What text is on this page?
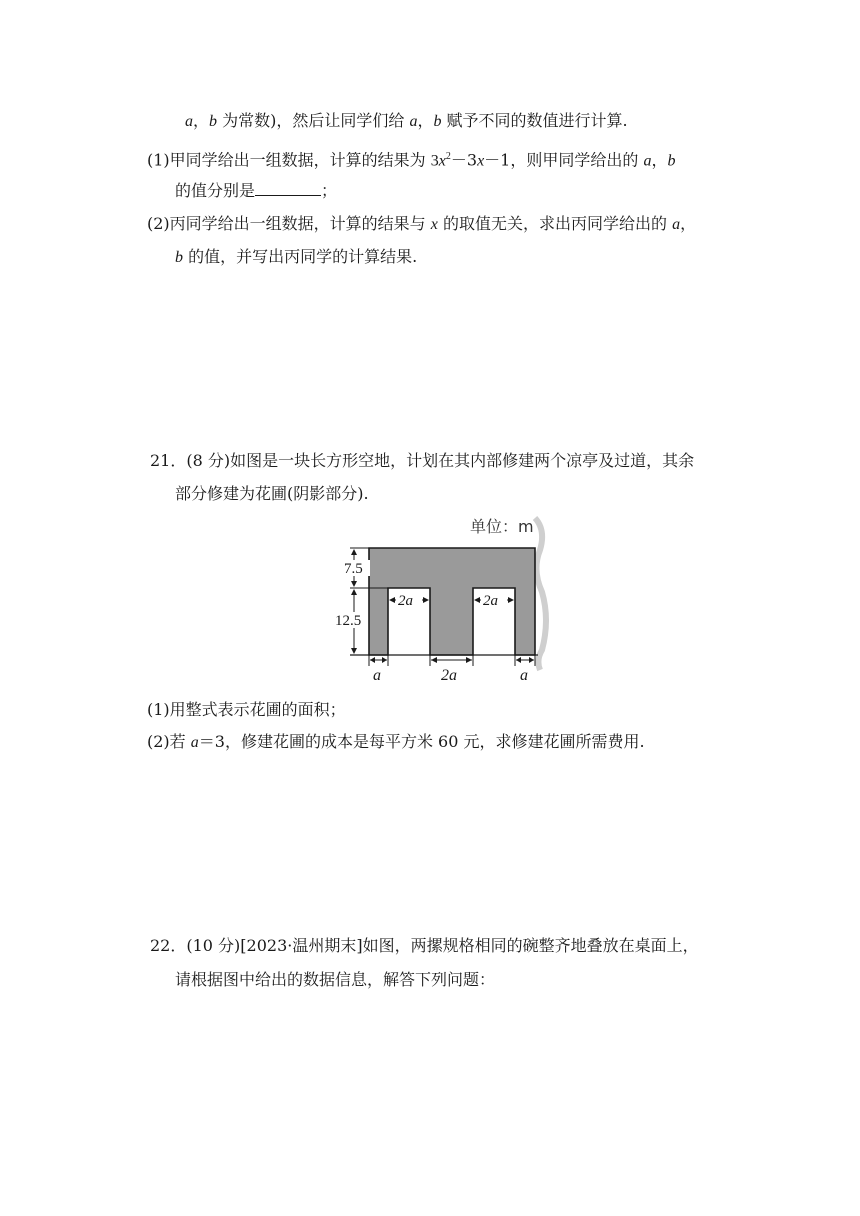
a，b 为常数)，然后让同学们给 a，b 赋予不同的数值进行计算.
(1)甲同学给出一组数据，计算的结果为 $3x^2-3x-1$，则甲同学给出的 a，b
的值分别是	；
(2)丙同学给出一组数据，计算的结果与 x 的取值无关，求出丙同学给出的 a，
b 的值，并写出丙同学的计算结果.
21．(8 分)如图是一块长方形空地，计划在其内部修建两个凉亭及过道，其余
部分修建为花圃(阴影部分).
单位：m
7.5
12.5
2a	2a
a	2a	a
(1)用整式表示花圃的面积；
(2)若 a＝3，修建花圃的成本是每平方米 60 元，求修建花圃所需费用.
22．(10 分)[2023·温州期末]如图，两摞规格相同的碗整齐地叠放在桌面上，
请根据图中给出的数据信息，解答下列问题：
